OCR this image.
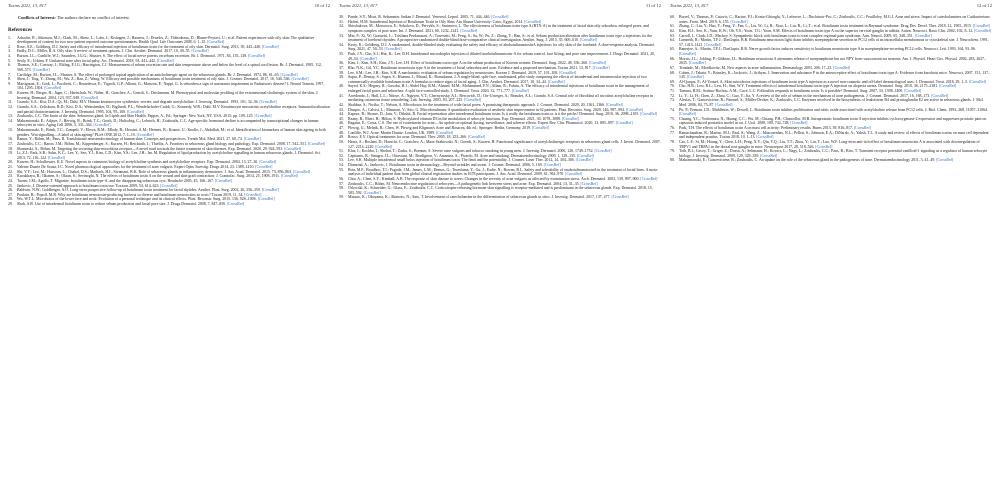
Toxins 2021, 13, 817	10 of 12
Conflicts of Interest: The authors declare no conflict of interest.
References
1.	Arbache, R.; Atkinson, M.J.; Clark, M.; Abetz, L.; Lohs, J.; Kishagen, J.; Harness, J.; Druelos, Z.; Thibodeaux, D.; Blume-Peytavi, U.; et al. Patient experiences with oily skin: The qualitative development of content for two new patient reported outcome questionnaires. Health Qual. Life Outcomes 2008, 6, 1–15. [CrossRef]
2.	Rose, A.E.; Goldberg, D.J. Safety and efficacy of intradermal injection of botulinum toxin for the treatment of oily skin. Dermatol. Surg. 2013, 39, 443–448. [CrossRef]
3.	Endly, D.C.; Miller, R.A. Oily skin: A review of treatment options. J. Clin. Aesthet. Dermatol. 2017, 10, 49–55. [CrossRef]
4.	Burton, J.L.; Cunliffe, W.J.; Saunders, I.G.G.; Shuster, S. The effect of facial nerve paresis on sebum excretion. Br. J. Dermatol. 1971, 84, 135–138. [CrossRef]
5.	Sealy, E.; Urbina, F. Unilateral acne after facial palsy. Arc. Dermatol. 2018, 93, 441–442. [CrossRef]
6.	Thomas, S.E.; Conway, J.; Ebling, F.J.G.; Harrington, C.I. Measurement of sebum excretion rate and skin temperature above and below the level of a spinal cord lesion. Br. J. Dermatol. 1985, 112, 569–573. [CrossRef]
7.	Cartlidge, M.; Burton, J.L.; Shuster, S. The effect of prolonged topical application of an anticholinergic agent on the sebaceous glands. Br. J. Dermatol. 1972, 86, 61–63. [CrossRef]
8.	Shen, J.; Ting, Y.; Zhang, M.; Wu, Z.; Ran, Z.; Wang, W. Efficacy and possible mechanisms of botulinum toxin treatment of oily skin. J. Cosmet. Dermatol. 2017, 16, 540–546. [CrossRef]
9.	Martignoni, E.; Godi, L.; Pacchetti, C.; Berardesca, E.; Vignoli, G.P.; Albani, G.; Mancini, F.; Nappi, G. Is seborrhea a sign of autonomic impairment in Parkinson's disease? J. Neural Transm. 1997, 104, 1295–1304. [CrossRef]
10.	Kurzen, H.; Berger, H.; Jäger, C.; Hartschuh, W.; Näher, H.; Gratchev, A.; Goerdt, S.; Deichmann, M. Phenotypical and molecular profiling of the extraneuronal cholinergic system of the skin. J. Investig. Dermatol. 2004, 123, 937–949. [CrossRef]
11.	Grando, S.A.; Kist, D.A.; Qi, M.; Dahl, M.V. Human keratinocytes synthesize, secrete, and degrade acetylcholine. J. Investig. Dermatol. 1993, 101, 32–36. [CrossRef]
12.	Grando, S.A.; Zelickson, B.D.; Kist, D.A.; Weinshenker, D.; Bigliardi, P.L.; Wendelschafer-Crabb, G.; Kennedy, W.R.; Dahl, M.V. Keratinocyte muscarinic acetylcholine receptors: Immunolocalization and partial characterization. J. Investig. Dermatol. 1995, 104, 95–100. [CrossRef]
13.	Zouboulis, C.C. The brain of the skin: Sebaceous gland. In Lipids and Skin Health; Pappas, A., Ed.; Springer: New York, NY, USA, 2015; pp. 109–125. [CrossRef]
14.	Makrantonaki, E.; Adjaye, J.; Herwig, R.; Brink, T.C.; Groth, D.; Hultschig, C.; Lehrach, H.; Zouboulis, C.C. Age-specific hormonal decline is accompanied by transcriptional changes in human sebocytes in vitro. Aging Cell 2006, 5, 331–344. [CrossRef]
15.	Makrantonaki, E.; Brink, T.C.; Zampeli, V.; Elewa, R.M.; Mlody, B.; Hossini, A.M.; Hermes, B.; Krause, U.; Knolle, J.; Abdallah, M.; et al. Identification of biomarkers of human skin ageing in both genders. Wnt signalling—A label of skin ageing? PLoS ONE 2012, 7, 1–10. [CrossRef]
16.	Ramot, Y.; Böhm, M.; Paus, R. Translational neuroendocrinology of human skin: Concepts and perspectives. Trends Mol. Med. 2021, 27, 60–74. [CrossRef]
17.	Zouboulis, C.C.; Baron, J.M.; Böhm, M.; Kippenberger, S.; Kurzen, H.; Reichrath, J.; Thielitz, A. Frontiers in sebaceous gland biology and pathology. Exp. Dermatol. 2008, 17, 542–551. [CrossRef]
18.	Slominski, A.; Böhm, M. Targeting the secreting skin-microbiota receptor—A novel road towards the future treatment of skin diseases. Exp. Dermatol. 2020, 29, 924–931. [CrossRef]
19.	Li, Z.J.; Park, S.B.; Sohn, K.C.; Lee, Y.; Seo, Y.J.; Kim, C.D.; Kim, Y.S.; Lee, J.H.; Im, M. Regulation of lipid production by acetylcholine signalling in human sebaceous glands. J. Dermatol. Sci. 2013, 72, 116–122. [CrossRef]
20.	Kurzen, H.; Schallreuter, K.U. Novel aspects in cutaneous biology of acetylcholine synthesis and acetylcholine receptors. Exp. Dermatol. 2004, 13, 27–30. [CrossRef]
21.	Valente Duarte De Sousa, I.C. Novel pharmacological approaches for the treatment of acne vulgaris. Expert Opin. Investig. Drugs 2014, 23, 1389–1410. [CrossRef]
22.	Shi, V.Y.; Leo, M.; Hassoun, L.; Chahal, D.S.; Maibach, H.I.; Sivamani, R.K. Role of sebaceous glands in inflammatory dermatoses. J. Am. Acad. Dermatol. 2015, 73, 856–863. [CrossRef]
23.	Kucukkaya, B.; Ilkonen, S.; Oktan, S.; Sevinoglu, N. The effects of botulinum toxin A on the wound and skin graft contraction. J. Craniofac. Surg. 2014, 25, 1908–1911. [CrossRef]
24.	Turner, I.M.; Agullo, T. Migraine, botulinum toxin type-A, and the disappearing sebaceous cyst. Headache 2005, 45, 166–167. [CrossRef]
25.	Jankovic, J. Disease-oriented approach to botulinum toxin use. Toxicon 2009, 54, 614–623. [CrossRef]
26.	Baldwin, N.W.; Goldberger, A.O. Long-term prospective follow-up of botulinum toxin treatment for facial rhytides. Aesthet. Plast. Surg. 2002, 26, 356–359. [CrossRef]
27.	Poulain, B.; Popoff, M.R. Why are botulinum neurotoxin-producing bacteria so diverse and botulinum neurotoxins so toxic? Toxins 2019, 11, 34. [CrossRef]
28.	Wu, W.T.L. Microbotox of the lower face and neck: Evolution of a personal technique and its clinical effects. Plast. Reconstr. Surg. 2015, 136, 92S–100S. [CrossRef]
29.	Shah, A.R. Use of intradermal botulinum toxin to reduce sebum production and facial pore size. J. Drugs Dermatol. 2008, 7, 847–850. [CrossRef]
Toxins 2021, 13, 817	11 of 12
30.	Pande, S.Y.; Misri, R. Sebumeter. Indian J. Dermatol. Venereol. Leprol. 2005, 71, 444–446. [CrossRef]
31.	Hafezi, H.M. Intradermal Injection of Botulinum Toxin in Oily Skin; Ain Shams University: Cairo, Egypt, 2014. [CrossRef]
32.	Shirshakova, M.; Morozova, E.; Sokolova, D.; Pervykh, S.; Smirnova, L. The effectiveness of botulinum toxin type A (BTX-A) in the treatment of facial skin oily seborrhea, enlarged pores, and symptom complex of post-acne. Int. J. Dermatol. 2021, 60, 1232–1241. [CrossRef]
33.	Min, P.; Xi, W.; Grassetti, L.; Trisliana Perdanasari, A.; Torresetti, M.; Feng, S.; Su, W.; Pu, Z.; Zhang, Y.; Han, S.; et al. Sebum production alteration after botulinum toxin type a injections for the treatment of forehead rhytides: A prospective randomized double-blind dose-comparative clinical investigation. Aesthet. Surg. J. 2015, 35, 600–610. [CrossRef]
34.	Kesty, K.; Goldberg, D.J. A randomized, double-blinded study evaluating the safety and efficacy of abobotulinumtoxinA injections for oily skin of the forehead: A dose-response analysis. Dermatol. Surg. 2021, 47, 50–53. [CrossRef]
35.	Park, J.Y.; Cho, S.I.; Hur, K.; Lee, D.H. Intradermal microdroplet injection of diluted incobotulinumtoxin-A for sebum control, face lifting, and pore size improvement. J. Drugs Dermatol. 2021, 20, 49–54. [CrossRef]
36.	Kim, J.; Kim, S.H.; Kim, J.Y.; Lee, J.H. Effect of botulinum toxin type A on the sebum production of Korean women. Dermatol. Surg. 2022, 48, 356–360. [CrossRef]
37.	Rho, N.K.; Gil, Y.C. Botulinum neurotoxin type A in the treatment of facial seborrhea and acne: Evidence and a proposed mechanism. Toxins 2021, 13, 817. [CrossRef]
38.	Lee, S.M.; Lee, J.H.; Kim, S.H. A mechanistic evaluation of sebum regulation by neurotoxins. Korean J. Dermatol. 2019, 57, 101–108. [CrossRef]
39.	Sapra, P.; Demay, S.; Sapra, S.; Khanna, J.; Mraud, K.; Bonadonna, J. A single-blind, split-face, randomized, pilot study comparing the effects of intradermal and intramuscular injection of two commercially available botulinum toxin A formulas to reduce signs of facial aging. J. Clin. Aesthet. Dermatol. 2017, 10, 34–44. [CrossRef]
40.	Sayed, K.S.; Hegazy, R.; Gawdat, H.I.; Abdel Hay, R.M.; Ahmed, M.M.; Mohammed, F.N.; Allam, R.; Fahim, A. The efficacy of intradermal injections of botulinum toxin in the management of enlarged facial pores and seborrhea: A split face-controlled study. J. Dermatol. Treat. 2020, 32, 771–777. [CrossRef]
41.	Arredondo, J.; Hall, L.L.; Ndoye, A.; Nguyen, V.T.; Chernyavsky, A.I.; Bercovich, D.; Orr-Urtreger, A.; Beaudet, A.L.; Grando, S.A. Central role of fibroblast α3 nicotinic acetylcholine receptor in mediating cutaneous tissue remodeling. Lab. Investig. 2003, 83, 207–225. [CrossRef]
42.	Shahbaz, S.; Nwiko, T.; Nelson, A. Microbotox for the treatment of wide facial pores: A promising therapeutic approach. J. Cosmet. Dermatol. 2020, 20, 1361–1366. [CrossRef]
43.	Diaspro, A.; Calvisi, L.; Manzoni, V.; Sito, G. Microbotulinum: A quantitative evaluation of aesthetic skin improvement in 62 patients. Plast. Reconstr. Surg. 2020, 146, 987–994. [CrossRef]
44.	Kapoor, R.; Shome, D.; Jain, V.; Dikshit, R. Facial rejuvenation after intradermal botulinum toxin: Is it really the botulinum toxin or is it the pricks? Dermatol. Surg. 2010, 36, 2098–2105. [CrossRef]
45.	Rzany, B.; Ebert, H.; Hilton, S. Hydroxylated vitamin D3 in the modulation of sebocyte functions. Exp. Dermatol. 2021, 30, 1078–1088. [CrossRef]
46.	Bagatin, E.; Costa, C.S. The use of isotretinoin for acne—An update on optimal dosing, surveillance, and adverse effects. Expert Rev. Clin. Pharmacol. 2020, 13, 885–897. [CrossRef]
47.	Plewig, G.; Melnik, B.; Chen, W. Plewig and Kligman's Acne and Rosacea, 4th ed.; Springer: Berlin, Germany, 2019. [CrossRef]
48.	Cunliffe, W.J. Acne; Martin Dunitz: London, UK, 1989. [CrossRef]
49.	Rosso, E.V. Optical treatments for acne. Dermatol. Ther. 2005, 18, 253–266. [CrossRef]
50.	Hawa, A.; Boslam, D.; Haruchi, C.; Gratchev, A.; Maas-Szabowski, N.; Goerdt, S.; Kurzen, H. Functional significance of acetylcholinergic receptors in sebaceous gland cells. J. Invest. Dermatol. 2007, 127, 2214–2220. [CrossRef]
51.	Klaz, I.; Kochba, I.; Shohat, T.; Zarka, S.; Brenner, S. Severe acne vulgaris and tobacco smoking in young men. J. Investig. Dermatol. 2006, 126, 1749–1752. [CrossRef]
52.	Capitanio, B.; Sinagra, J.L.; Ottaviani, M.; Bordignon, V.; Amantea, A.; Picardo, M. Acne and smoking. Dermatoendocrinology 2009, 1, 129–135. [CrossRef]
53.	Lee, S.K. Multiple intradermal small bolus injection of botulinum toxin: The limit and the potentiality. J. Cosmet. Laser Ther. 2012, 14, 304–306. [CrossRef]
54.	Diamond, A.; Jankovic, J. Botulinum toxin in dermatology—Beyond wrinkles and sweat. J. Cosmet. Dermatol. 2006, 5, 169. [CrossRef]
55.	Brin, M.F.; Boodhoo, T.I.; Pogoda, J.M.; James, L.M.; Demos, G.; Terashima, Y.; Gu, J.; Eadie, N.; Bowen, B.L. Safety and tolerability of onabotulinumtoxinA in the treatment of facial lines: A meta-analysis of individual patient data from global clinical registration studies in 1678 participants. J. Am. Acad. Dermatol. 2009, 61, 961–970. [CrossRef]
56.	Chiu, A.; Chen, S.Y.; Kimball, A.B. The response of skin disease to stress: Changes in the severity of acne vulgaris as affected by examination stress. Arch. Dermatol. 2003, 139, 897–900. [CrossRef]
57.	Zouboulis, C.C.; Böhm, M. Neuroendocrine regulation of sebocytes—A pathogenetic link between stress and acne. Exp. Dermatol. 2004, 13, 31–35. [CrossRef]
58.	Orlowski, K.; Schneider, G.; Glass, E.; Zouboulis, C.C. Corticotropin-releasing hormone skin signalling is receptor-mediated and is predominant in the sebaceous glands. Exp. Dermatol. 2018, 15, 583–592. [CrossRef]
59.	Mizuno, K.; Okuyama, K.; Akimoto, N.; Sato, T. Involvement of catecholamine in the differentiation of sebaceous glands in vitro. J. Investig. Dermatol. 2017, 137, 477. [CrossRef]
Toxins 2021, 13, 817	12 of 12
60.	Borrel, V.; Thomas, P.; Catovic, C.; Racine, P.J.; Konto-Ghiorghi, Y.; Lefeuvre, L.; Duclairoir-Poc, C.; Zouboulis, C.C.; Feuilloley, M.G.J. Acne and stress: Impact of catecholamines on Cutibacterium acnes. Front. Med. 2019, 6, 155. [CrossRef]
61.	Zhang, C.; Liu, Y.; Hao, Y.; Feng, Y.; Fan, L.; Liu, W.; Li, R.; Xiao, L.; Liu, R.; Li, T.; et al. Botulinum toxin treatment in Raynaud syndrome. Drug Des. Devel. Ther. 2018, 12, 1905–1915. [CrossRef]
62.	Kim, H.J.; Seo, K.; Yum, K.W.; Oh, Y.S.; Yoon, T.G.; Yoon, S.M. Effects of botulinum toxin type A on the superior cervical ganglia in rabbits. Auton. Neurosci. Basic Clin. 2002, 102, 8–12. [CrossRef]
63.	Carroll, I.; Clark, J.D.; Mackey, S. Sympathetic block with botulinum toxin to treat complex regional pain syndrome. Ann. Neurol. 2009, 65, 348–351. [CrossRef]
64.	Lomneth, R.; Martin, T.F.J.; DasGupta, B.R. Botulinum neurotoxin light chain inhibits norepinephrine secretion in PC12 cells at an intracellular membranous or cytoskeletal site. J. Neurochem. 1991, 57, 1413–1421. [CrossRef]
65.	Banerjee, A.; Martin, T.F.J.; DasGupta, B.R. Nerve growth factor induces sensitivity to botulinum neurotoxin type A in norepinephrine-secreting PC12 cells. Neurosci. Lett. 1993, 164, 93–96. [CrossRef]
66.	Morris, J.L.; Jobling, P.; Gibbins, I.L. Botulinum neurotoxin A attenuates release of norepinephrine but not NPY from vasoconstrictor neurons. Am. J. Physiol. Heart Circ. Physiol. 2002, 283, 2627–2635. [CrossRef]
67.	Trindade, M.; Mordkovitz, M. New aspects in acne inflammation. Dermatology 2003, 206, 17–23. [CrossRef]
68.	Cohen, J.; Tabata, Y.; Brinsley, K.; Jackovic, J.; Arthyas, J. Innervation and substance P in the anteroceptive effect of botulinum toxin type A: Evidence from knockout mice. Neurosci. 2007, 151, 137–145. [CrossRef]
69.	Al-Qarqaz, F.; Al-Yousef, A. Skin microbotox injections of botulinum toxin type A injection as a novel non-cosmetic and off-label dermatological uses. J. Dermatol. Treat. 2018, 29, 1–5. [CrossRef]
70.	Cho, H.R.; Lew, B.L.; Lew, H.; Sim, W.Y. Treatment effects of intradermal botulinum toxin type A injection on alopecia areata. Dermatol. Surg. 2010, 36, 2175–2181. [CrossRef]
71.	Tamura, B.M.; Sortino-Rachou, A.M.; Cucé, L.C. Folliculitis responds to botulinum toxin: Is it possible? Dermatol. Surg. 2007, 33, 1398–1400. [CrossRef]
72.	Li, Y.; Li, H.; Chen, Z.; Zhou, C.; Gao, Y.; Jia, Y. A review of the role of sebum in the mechanism of acne pathogenesis. J. Cosmet. Dermatol. 2017, 16, 168–173. [CrossRef]
73.	Alestas, T.; Ganceviciene, R.; Fimmel, S.; Müller-Decker, K.; Zouboulis, C.C. Enzymes involved in the biosynthesis of leukotriene B4 and prostaglandin E2 are active in sebaceous glands. J. Mol. Med. 2006, 84, 75–87. [CrossRef]
74.	Pir, P.; Ferman, J.D.; Middleton, W.; Dowell, L. Botulinum toxin inhibits proliferation and nitric oxide associated with acetylcholine release from PC12 cells. J. Biol. Chem. 1993, 268, 11057–11064. [CrossRef]
75.	Chuang, Y.C.; Yoshimura, N.; Huang, C.C.; Wu, M.; Chiang, P.H.; Chancellor, M.B. Intraprostatic botulinum toxin A injection inhibits cyclooxygenase-2 expression and suppresses prostatic pain on capsaicin induced prostatitis model in rat. J. Urol. 2008, 180, 742–748. [CrossRef]
76.	Park, T.H. The effects of botulinum toxin A on mast cell activity: Preliminary results. Burns 2013, 39, 816–817. [CrossRef]
77.	Ramachandran, R.; Marino, M.J.; Paul, S.; Wang, Z.; Mascarenhas, N.L.; Pellett, S.; Johnson, E.A.; DiNardo, A.; Yaksh, T.L. A study and review of effects of botulinum toxins on mast cell dependent and independent pruritus. Toxins 2018, 10, 1–13. [CrossRef]
78.	Cao, L.F.; Si, M.; Huang, Y.; Chen, L.H.; Peng, X.Y.; Qin, Y.Q.; Liu, T.T.; Zhou, Y.; Liu, T.; Luo, W.F. Long-term anti-itch effect of botulinum neurotoxin A is associated with downregulation of TRPV1 and TRPA1 in the dorsal root ganglia in mice. Neuroreport 2017, 28, 518–526. [CrossRef]
79.	Toth, B.I.; Geczy, T.; Griger, Z.; Dozsa, A.; Seltmann, H.; Kovacs, L.; Nagy, L.; Zouboulis, C.C.; Paus, R.; Biro, T. Transient receptor potential vanilloid-1 signaling as a regulator of human sebocyte biology. J. Investig. Dermatol. 2009, 129, 329–339. [CrossRef]
80.	Makrantonaki, E.; Ganceviciene, R.; Zouboulis, C. An update on the role of the sebaceous gland in the pathogenesis of acne. Dermatoendocrinology 2011, 3, 41–49. [CrossRef]
